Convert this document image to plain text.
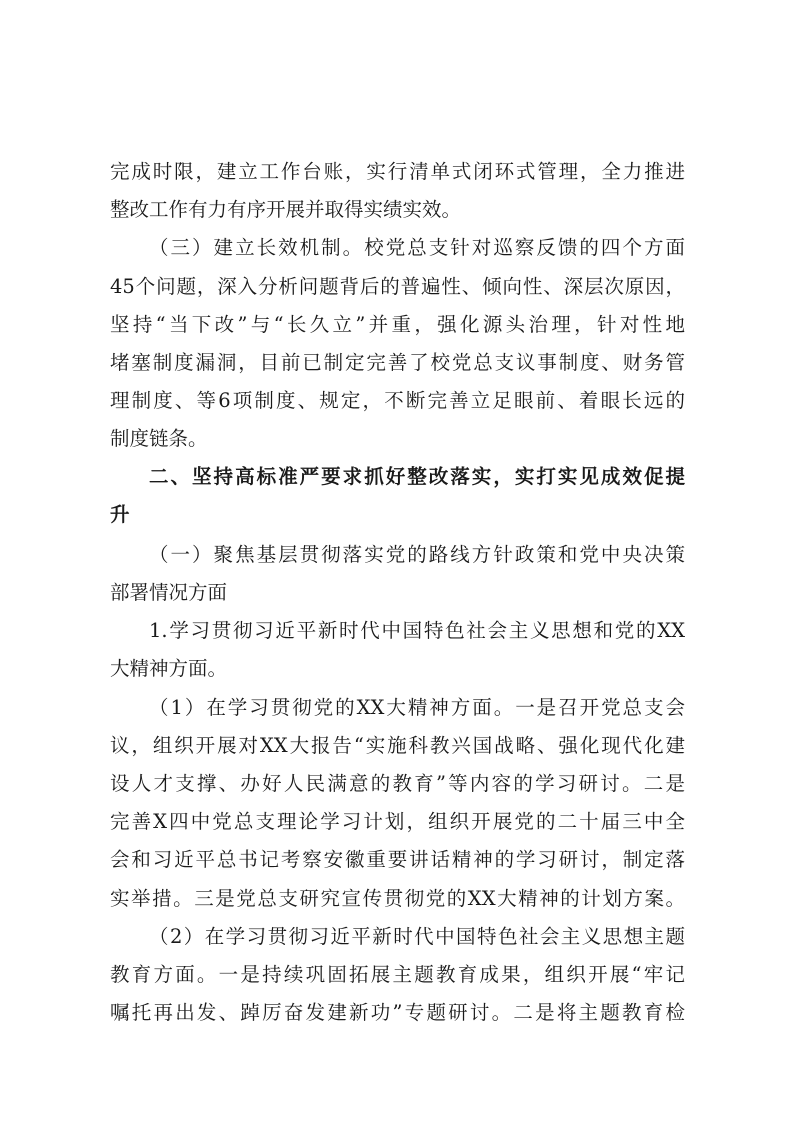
完成时限，建立工作台账，实行清单式闭环式管理，全力推进
整改工作有力有序开展并取得实绩实效。
（三）建立长效机制。校党总支针对巡察反馈的四个方面
45个问题，深入分析问题背后的普遍性、倾向性、深层次原因，
坚持“当下改”与“长久立”并重，强化源头治理，针对性地
堵塞制度漏洞，目前已制定完善了校党总支议事制度、财务管
理制度、等6项制度、规定，不断完善立足眼前、着眼长远的
制度链条。
二、坚持高标准严要求抓好整改落实，实打实见成效促提
升
（一）聚焦基层贯彻落实党的路线方针政策和党中央决策
部署情况方面
1.学习贯彻习近平新时代中国特色社会主义思想和党的XX
大精神方面。
（1）在学习贯彻党的XX大精神方面。一是召开党总支会
议，组织开展对XX大报告“实施科教兴国战略、强化现代化建
设人才支撑、办好人民满意的教育”等内容的学习研讨。二是
完善X四中党总支理论学习计划，组织开展党的二十届三中全
会和习近平总书记考察安徽重要讲话精神的学习研讨，制定落
实举措。三是党总支研究宣传贯彻党的XX大精神的计划方案。
（2）在学习贯彻习近平新时代中国特色社会主义思想主题
教育方面。一是持续巩固拓展主题教育成果，组织开展“牢记
嘱托再出发、踔厉奋发建新功”专题研讨。二是将主题教育检
